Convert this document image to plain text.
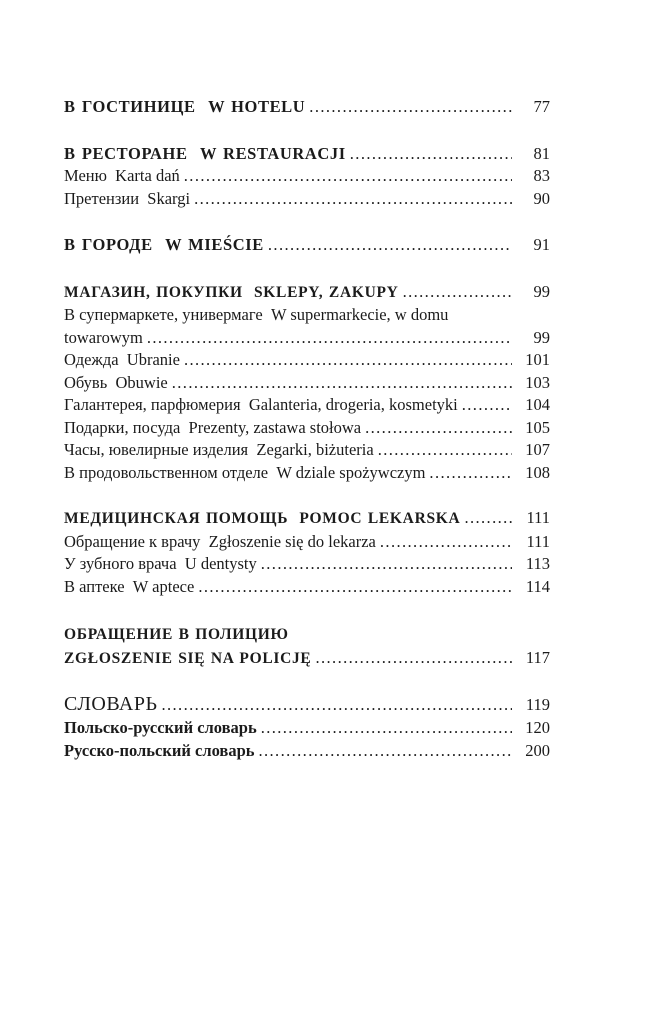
В ГОСТИНИЦЕ  W HOTELU .....	77
В РЕСТОРАНЕ  W RESTAURACJI .....	81
Меню  Karta dań .....	83
Претензии  Skargi .....	90
В ГОРОДЕ  W MIEŚCIE .....	91
МАГАЗИН, ПОКУПКИ  SKLEPY, ZAKUPY .....	99
В супермаркете, универмаге  W supermarkecie, w domu
towarowym .....	99
Одежда  Ubranie .....	101
Обувь  Obuwie .....	103
Галантерея, парфюмерия  Galanteria, drogeria, kosmetyki .....	104
Подарки, посуда  Prezenty, zastawa stołowa .....	105
Часы, ювелирные изделия  Zegarki, biżuteria .....	107
В продовольственном отделе  W dziale spożywczym .....	108
МЕДИЦИНСКАЯ ПОМОЩЬ  POMOC LEKARSKA .....	111
Обращение к врачу  Zgłoszenie się do lekarza .....	111
У зубного врача  U dentysty .....	113
В аптеке  W aptece .....	114
ОБРАЩЕНИЕ В ПОЛИЦИЮ
ZGŁOSZENIE SIĘ NA POLICJĘ .....	117
СЛОВАРЬ .....	119
Польско-русский словарь .....	120
Русско-польский словарь .....	200
